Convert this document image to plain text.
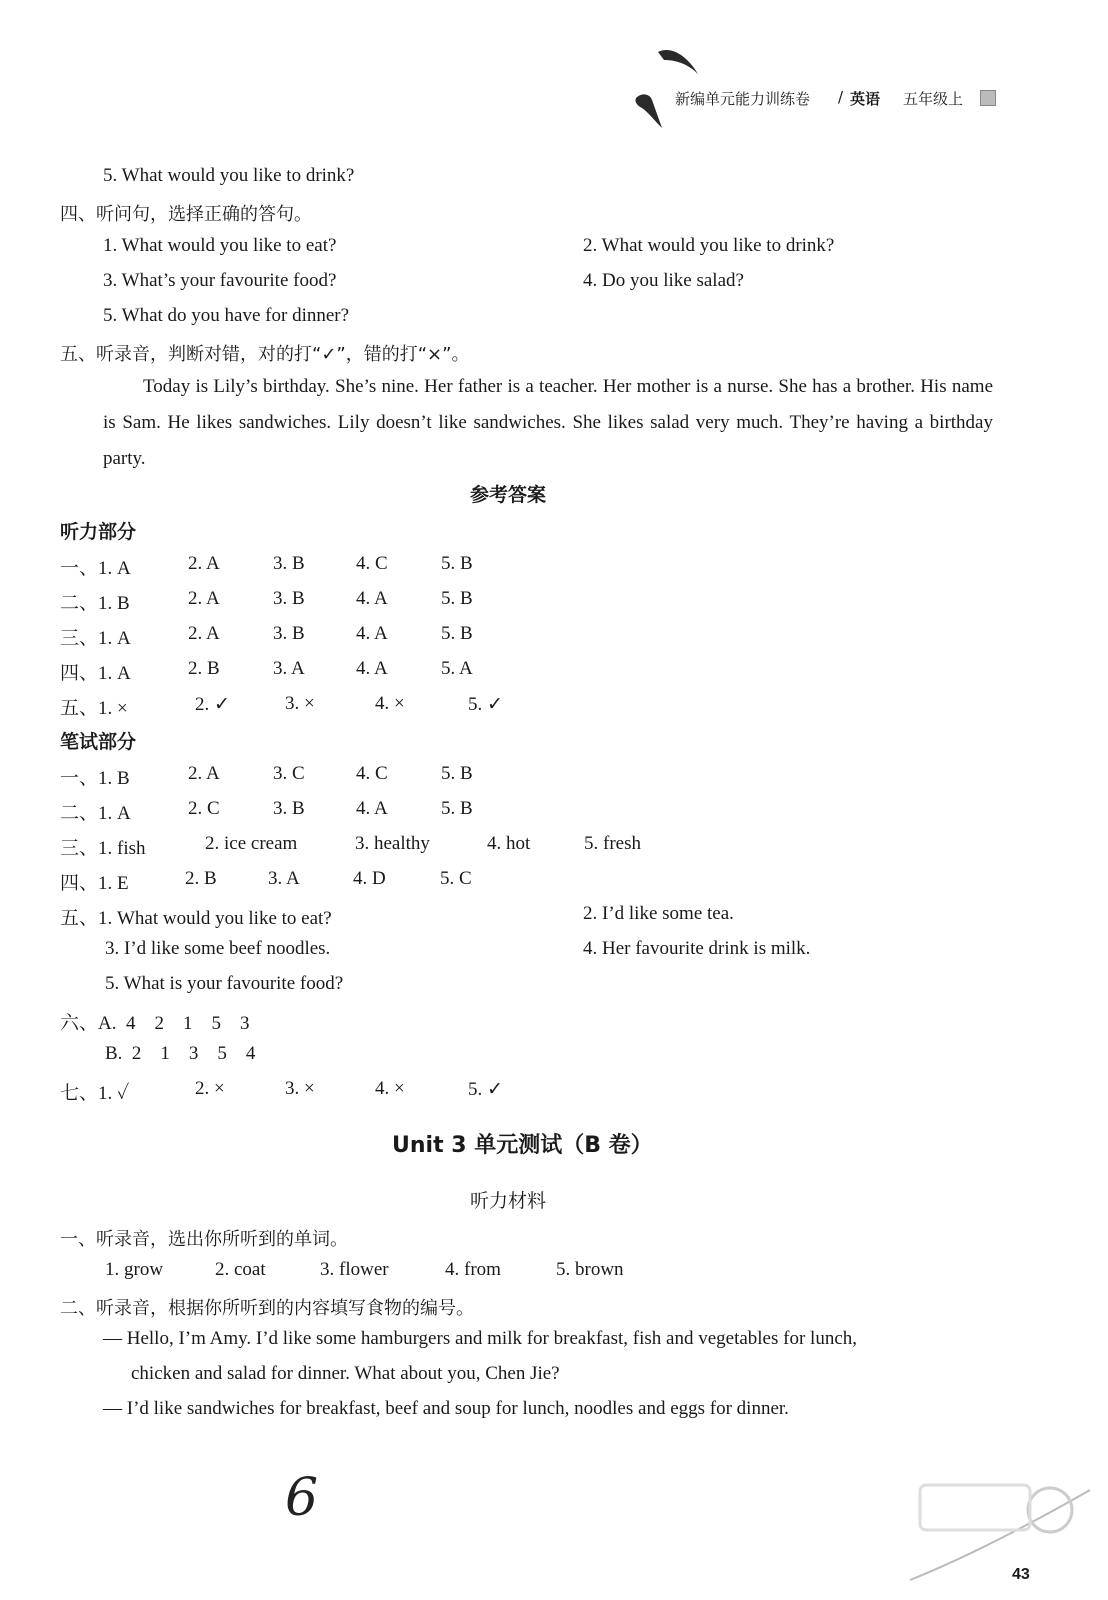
新编单元能力训练卷 / 英语 五年级上
5. What would you like to drink?
四、听问句，选择正确的答句。
1. What would you like to eat?	2. What would you like to drink?
3. What’s your favourite food?	4. Do you like salad?
5. What do you have for dinner?
五、听录音，判断对错，对的打“✓”，错的打“×”。
Today is Lily’s birthday. She’s nine. Her father is a teacher. Her mother is a nurse. She has a brother. His name is Sam. He likes sandwiches. Lily doesn’t like sandwiches. She likes salad very much. They’re having a birthday party.
参考答案
听力部分
一、1. A	2. A	3. B	4. C	5. B
二、1. B	2. A	3. B	4. A	5. B
三、1. A	2. A	3. B	4. A	5. B
四、1. A	2. B	3. A	4. A	5. A
五、1. ×	2. ✓	3. ×	4. ×	5. ✓
笔试部分
一、1. B	2. A	3. C	4. C	5. B
二、1. A	2. C	3. B	4. A	5. B
三、1. fish	2. ice cream	3. healthy	4. hot	5. fresh
四、1. E	2. B	3. A	4. D	5. C
五、1. What would you like to eat?	2. I’d like some tea.
3. I’d like some beef noodles.	4. Her favourite drink is milk.
5. What is your favourite food?
六、A.  4    2    1    5    3
B.  2    1    3    5    4
七、1. ✓	2. ×	3. ×	4. ×	5. ✓
Unit 3 单元测试（B 卷）
听力材料
一、听录音，选出你所听到的单词。
1. grow	2. coat	3. flower	4. from	5. brown
二、听录音，根据你所听到的内容填写食物的编号。
— Hello, I’m Amy. I’d like some hamburgers and milk for breakfast, fish and vegetables for lunch,
chicken and salad for dinner. What about you, Chen Jie?
— I’d like sandwiches for breakfast, beef and soup for lunch, noodles and eggs for dinner.
6
43
